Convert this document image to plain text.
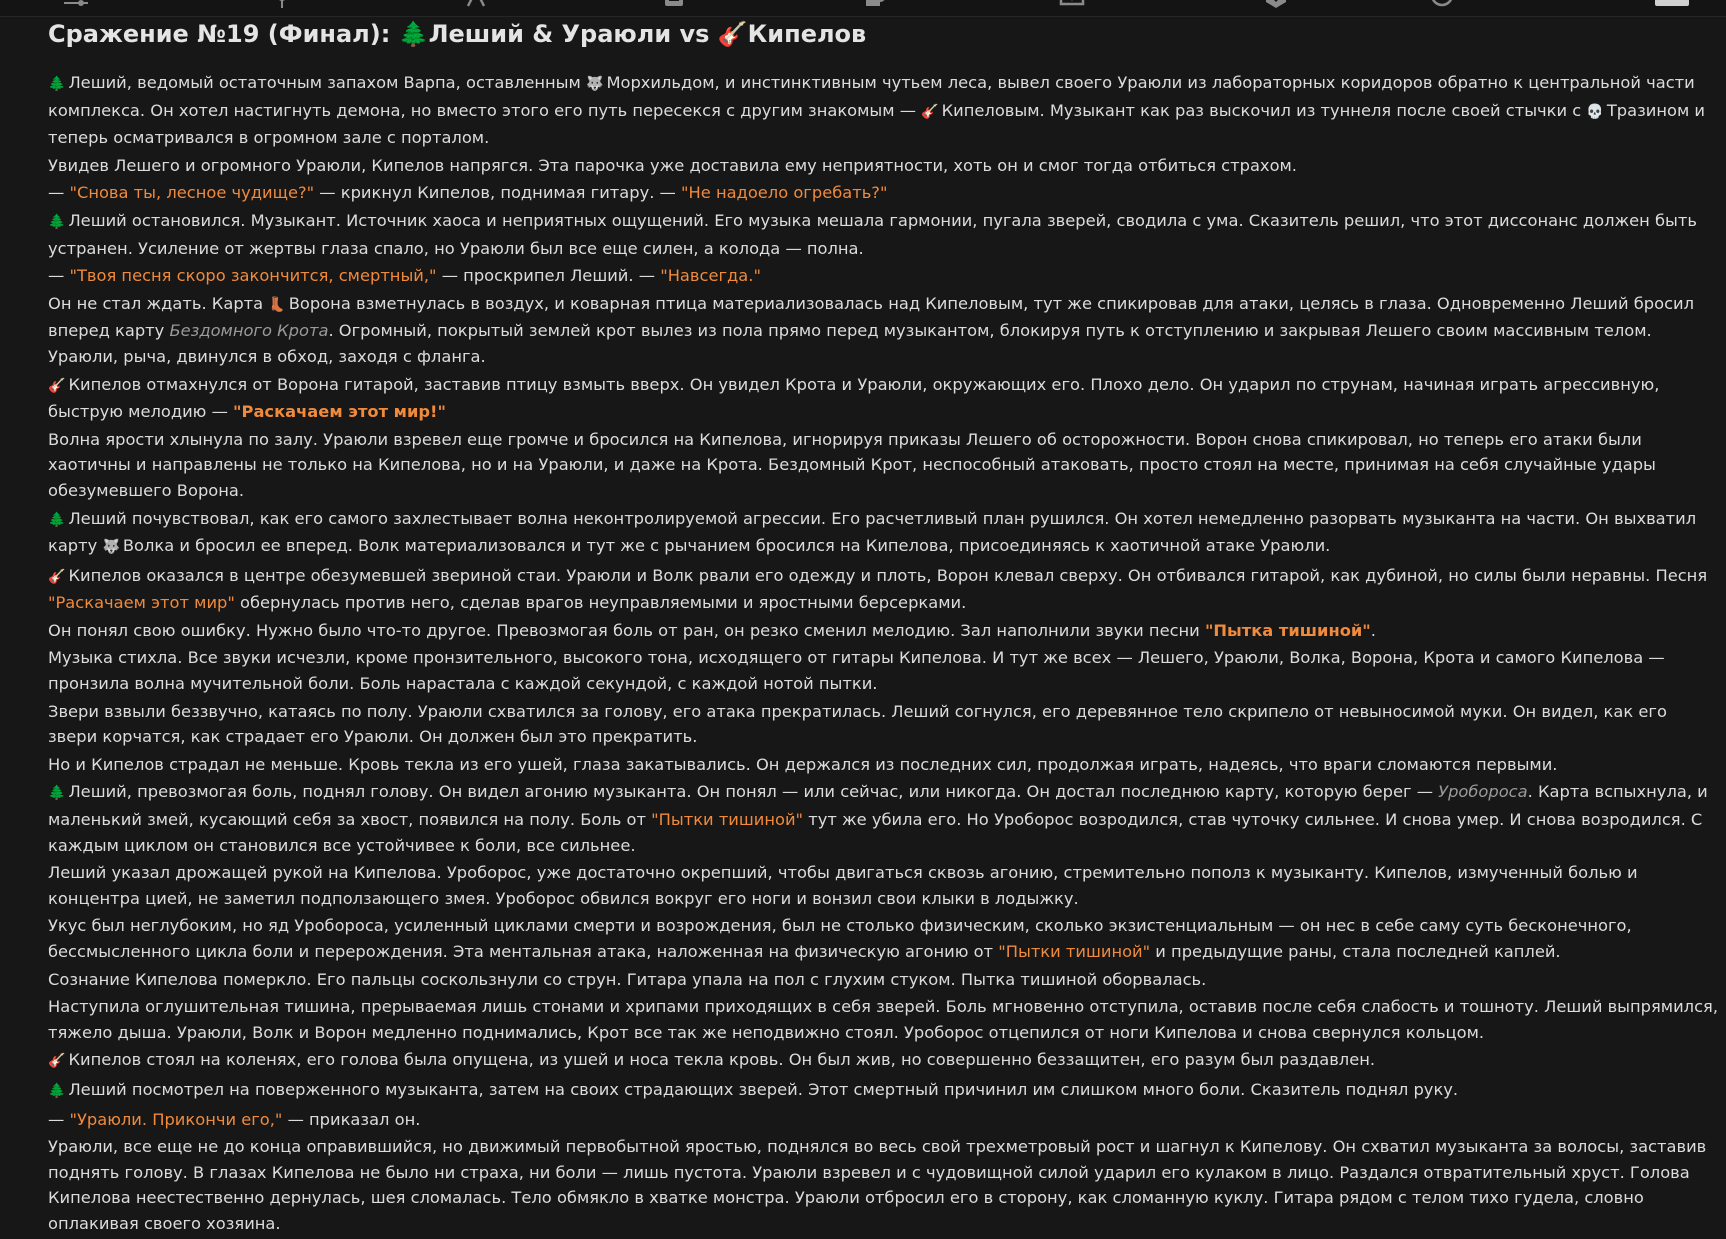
Сражение №19 (Финал): 🌲Леший & Ураюли vs 🎸Кипелов

🌲 Леший, ведомый остаточным запахом Варпа, оставленным 🐺 Морхильдом, и инстинктивным чутьем леса, вывел своего Ураюли из лабораторных коридоров обратно к центральной части комплекса. Он хотел настигнуть демона, но вместо этого его путь пересекся с другим знакомым — 🎸 Кипеловым. Музыкант как раз выскочил из туннеля после своей стычки с 💀 Тразином и теперь осматривался в огромном зале с порталом.

Увидев Лешего и огромного Ураюли, Кипелов напрягся. Эта парочка уже доставила ему неприятности, хоть он и смог тогда отбиться страхом.

— "Снова ты, лесное чудище?" — крикнул Кипелов, поднимая гитару. — "Не надоело огребать?"

🌲 Леший остановился. Музыкант. Источник хаоса и неприятных ощущений. Его музыка мешала гармонии, пугала зверей, сводила с ума. Сказитель решил, что этот диссонанс должен быть устранен. Усиление от жертвы глаза спало, но Ураюли был все еще силен, а колода — полна.

— "Твоя песня скоро закончится, смертный," — проскрипел Леший. — "Навсегда."

Он не стал ждать. Карта 👢 Ворона взметнулась в воздух, и коварная птица материализовалась над Кипеловым, тут же спикировав для атаки, целясь в глаза. Одновременно Леший бросил вперед карту Бездомного Крота. Огромный, покрытый землей крот вылез из пола прямо перед музыкантом, блокируя путь к отступлению и закрывая Лешего своим массивным телом. Ураюли, рыча, двинулся в обход, заходя с фланга.

🎸 Кипелов отмахнулся от Ворона гитарой, заставив птицу взмыть вверх. Он увидел Крота и Ураюли, окружающих его. Плохо дело. Он ударил по струнам, начиная играть агрессивную, быструю мелодию — "Раскачаем этот мир!"

Волна ярости хлынула по залу. Ураюли взревел еще громче и бросился на Кипелова, игнорируя приказы Лешего об осторожности. Ворон снова спикировал, но теперь его атаки были хаотичны и направлены не только на Кипелова, но и на Ураюли, и даже на Крота. Бездомный Крот, неспособный атаковать, просто стоял на месте, принимая на себя случайные удары обезумевшего Ворона.

🌲 Леший почувствовал, как его самого захлестывает волна неконтролируемой агрессии. Его расчетливый план рушился. Он хотел немедленно разорвать музыканта на части. Он выхватил карту 🐺 Волка и бросил ее вперед. Волк материализовался и тут же с рычанием бросился на Кипелова, присоединяясь к хаотичной атаке Ураюли.

🎸 Кипелов оказался в центре обезумевшей звериной стаи. Ураюли и Волк рвали его одежду и плоть, Ворон клевал сверху. Он отбивался гитарой, как дубиной, но силы были неравны. Песня "Раскачаем этот мир" обернулась против него, сделав врагов неуправляемыми и яростными берсерками.

Он понял свою ошибку. Нужно было что-то другое. Превозмогая боль от ран, он резко сменил мелодию. Зал наполнили звуки песни "Пытка тишиной".

Музыка стихла. Все звуки исчезли, кроме пронзительного, высокого тона, исходящего от гитары Кипелова. И тут же всех — Лешего, Ураюли, Волка, Ворона, Крота и самого Кипелова — пронзила волна мучительной боли. Боль нарастала с каждой секундой, с каждой нотой пытки.

Звери взвыли беззвучно, катаясь по полу. Ураюли схватился за голову, его атака прекратилась. Леший согнулся, его деревянное тело скрипело от невыносимой муки. Он видел, как его звери корчатся, как страдает его Ураюли. Он должен был это прекратить.

Но и Кипелов страдал не меньше. Кровь текла из его ушей, глаза закатывались. Он держался из последних сил, продолжая играть, надеясь, что враги сломаются первыми.

🌲 Леший, превозмогая боль, поднял голову. Он видел агонию музыканта. Он понял — или сейчас, или никогда. Он достал последнюю карту, которую берег — Уробороса. Карта вспыхнула, и маленький змей, кусающий себя за хвост, появился на полу. Боль от "Пытки тишиной" тут же убила его. Но Уроборос возродился, став чуточку сильнее. И снова умер. И снова возродился. С каждым циклом он становился все устойчивее к боли, все сильнее.

Леший указал дрожащей рукой на Кипелова. Уроборос, уже достаточно окрепший, чтобы двигаться сквозь агонию, стремительно пополз к музыканту. Кипелов, измученный болью и концентра цией, не заметил подползающего змея. Уроборос обвился вокруг его ноги и вонзил свои клыки в лодыжку.

Укус был неглубоким, но яд Уробороса, усиленный циклами смерти и возрождения, был не столько физическим, сколько экзистенциальным — он нес в себе саму суть бесконечного, бессмысленного цикла боли и перерождения. Эта ментальная атака, наложенная на физическую агонию от "Пытки тишиной" и предыдущие раны, стала последней каплей.

Сознание Кипелова померкло. Его пальцы соскользнули со струн. Гитара упала на пол с глухим стуком. Пытка тишиной оборвалась.

Наступила оглушительная тишина, прерываемая лишь стонами и хрипами приходящих в себя зверей. Боль мгновенно отступила, оставив после себя слабость и тошноту. Леший выпрямился, тяжело дыша. Ураюли, Волк и Ворон медленно поднимались, Крот все так же неподвижно стоял. Уроборос отцепился от ноги Кипелова и снова свернулся кольцом.

🎸 Кипелов стоял на коленях, его голова была опущена, из ушей и носа текла кровь. Он был жив, но совершенно беззащитен, его разум был раздавлен.

🌲 Леший посмотрел на поверженного музыканта, затем на своих страдающих зверей. Этот смертный причинил им слишком много боли. Сказитель поднял руку.

— "Ураюли. Прикончи его," — приказал он.

Ураюли, все еще не до конца оправившийся, но движимый первобытной яростью, поднялся во весь свой трехметровый рост и шагнул к Кипелову. Он схватил музыканта за волосы, заставив поднять голову. В глазах Кипелова не было ни страха, ни боли — лишь пустота. Ураюли взревел и с чудовищной силой ударил его кулаком в лицо. Раздался отвратительный хруст. Голова Кипелова неестественно дернулась, шея сломалась. Тело обмякло в хватке монстра. Ураюли отбросил его в сторону, как сломанную куклу. Гитара рядом с телом тихо гудела, словно оплакивая своего хозяина.
